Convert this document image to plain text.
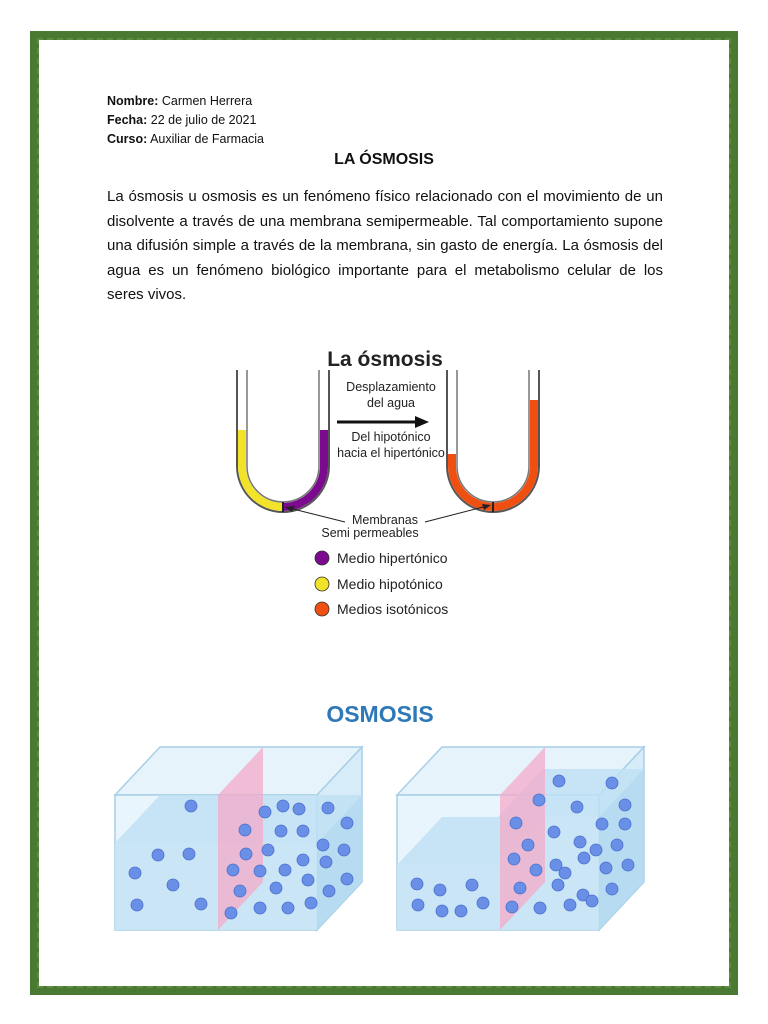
Nombre: Carmen Herrera
Fecha: 22 de julio de 2021
Curso: Auxiliar de Farmacia
LA ÓSMOSIS
La ósmosis u osmosis es un fenómeno físico relacionado con el movimiento de un disolvente a través de una membrana semipermeable. Tal comportamiento supone una difusión simple a través de la membrana, sin gasto de energía. La ósmosis del agua es un fenómeno biológico importante para el metabolismo celular de los seres vivos.
La ósmosis
Desplazamiento
del agua
Del hipotónico
hacia el hipertónico
Membranas
Semi permeables
Medio hipertónico
Medio hipotónico
Medios isotónicos
OSMOSIS
